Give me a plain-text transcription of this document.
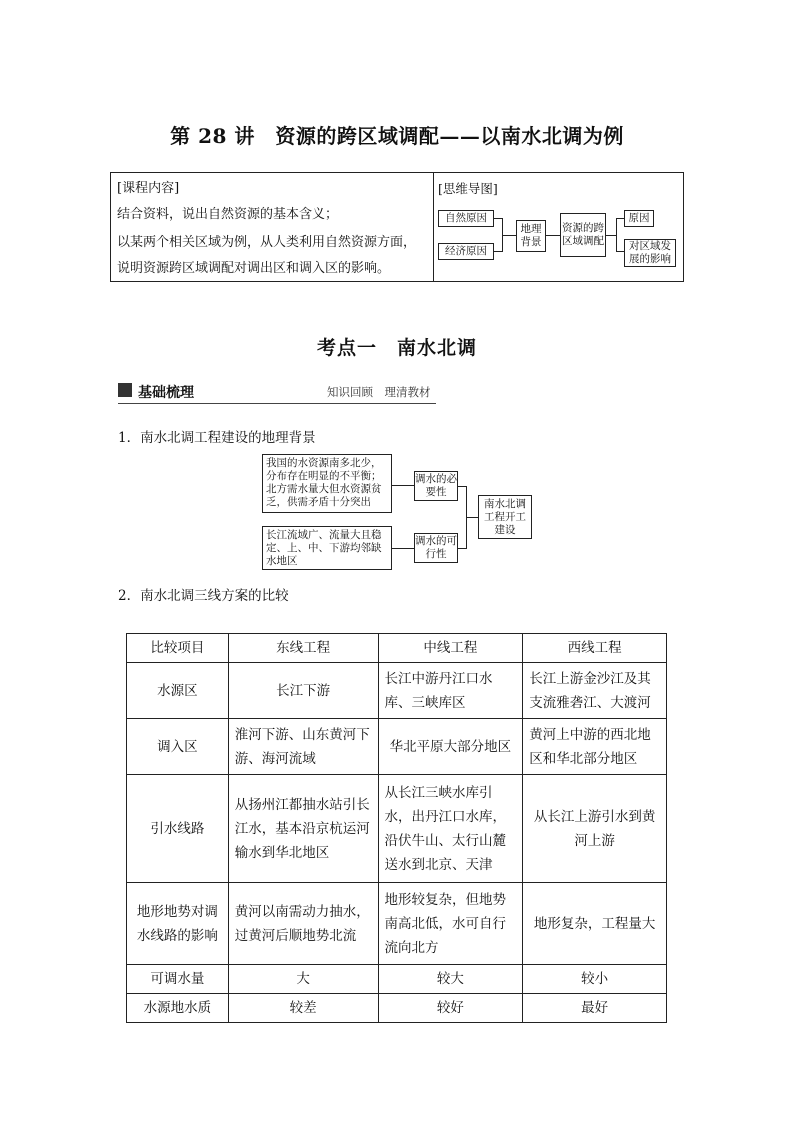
第 28 讲　资源的跨区域调配——以南水北调为例
[课程内容]
结合资料，说出自然资源的基本含义；
以某两个相关区域为例，从人类利用自然资源方面，
说明资源跨区域调配对调出区和调入区的影响。
[思维导图]
自然原因
经济原因
地理背景
资源的跨区域调配
原因
对区域发展的影响
考点一　南水北调
基础梳理	知识回顾　理清教材
1．南水北调工程建设的地理背景
我国的水资源南多北少，分布存在明显的不平衡；北方需水量大但水资源贫乏，供需矛盾十分突出
长江流域广、流量大且稳定、上、中、下游均邻缺水地区
调水的必要性
调水的可行性
南水北调工程开工建设
2．南水北调三线方案的比较
比较项目	东线工程	中线工程	西线工程
水源区	长江下游	长江中游丹江口水库、三峡库区	长江上游金沙江及其支流雅砻江、大渡河
调入区	淮河下游、山东黄河下游、海河流域	华北平原大部分地区	黄河上中游的西北地区和华北部分地区
引水线路	从扬州江都抽水站引长江水，基本沿京杭运河输水到华北地区	从长江三峡水库引水，出丹江口水库，沿伏牛山、太行山麓送水到北京、天津	从长江上游引水到黄河上游
地形地势对调水线路的影响	黄河以南需动力抽水，过黄河后顺地势北流	地形较复杂，但地势南高北低，水可自行流向北方	地形复杂，工程量大
可调水量	大	较大	较小
水源地水质	较差	较好	最好
